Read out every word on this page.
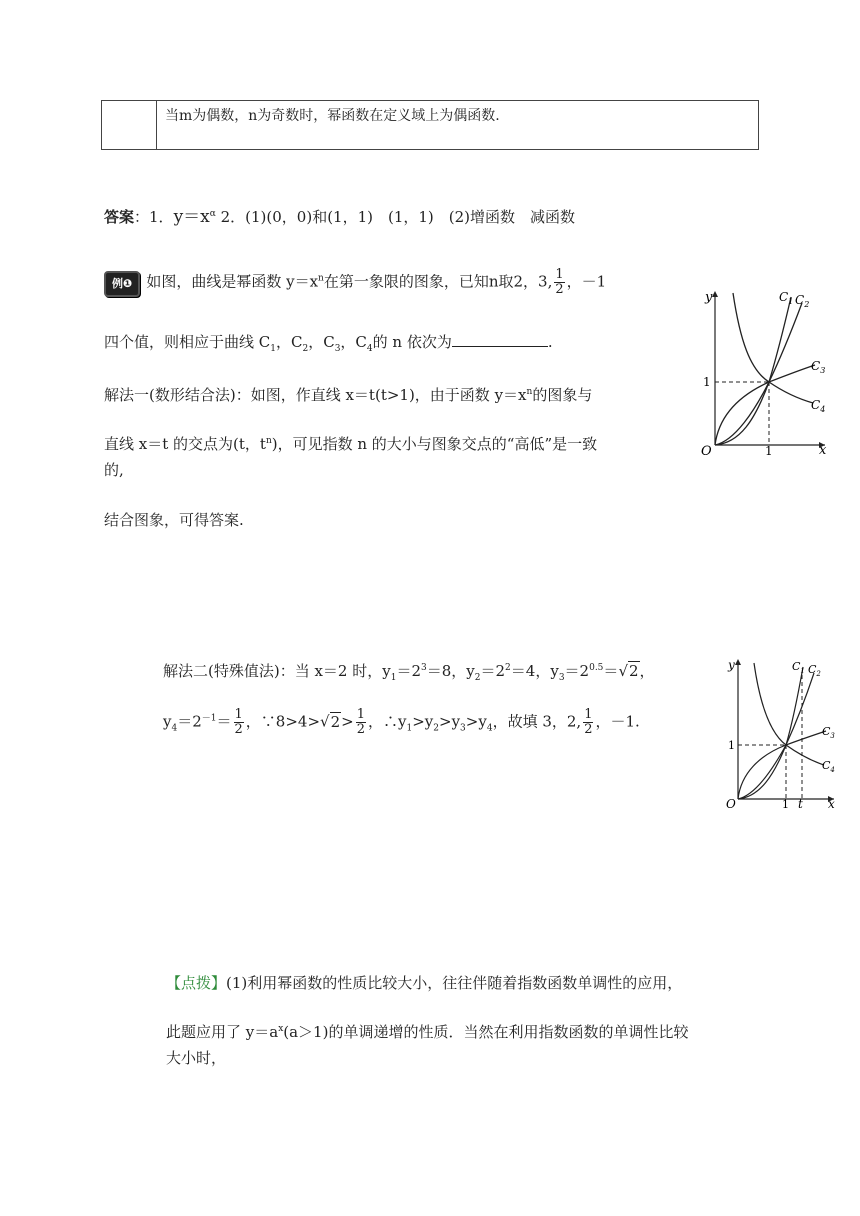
	当m为偶数，n为奇数时，幂函数在定义域上为偶函数.
答案：1．$y=x^\alpha$ 2．(1)(0，0)和(1，1)　(1，1)　(2)增函数　减函数
例❶ 如图，曲线是幂函数 $y=x^n$在第一象限的图象，已知n取2，3, $\frac{1}{2}$ ，－1
四个值，则相应于曲线 $C_1$，$C_2$，$C_3$，$C_4$的 n 依次为	.
解法一(数形结合法)：如图，作直线 x＝t(t>1)，由于函数 $y=x^n$的图象与
直线 x＝t 的交点为(t，$t^n$)，可见指数 n 的大小与图象交点的“高低”是一致
的,
结合图象，可得答案.
y
x
O	1
1
$C_1$ $C_2$
$C_3$
$C_4$
解法二(特殊值法)：当 x＝2 时，$y_1=2^3=8$，$y_2=2^2=4$，$y_3=2^{0.5}=√2$，
$y_4=2^{-1}= \frac{1}{2}$ ，∵8>4>√2> $\frac{1}{2}$ ，$\therefore y_1>y_2>y_3>y_4$，故填 3，2, $\frac{1}{2}$ ，－1.
y
x
O	1
1
t
$C_1$ $C_2$
$C_3$
$C_4$
【点拨】(1)利用幂函数的性质比较大小，往往伴随着指数函数单调性的应用，
此题应用了 $y=a^x(a>1)$的单调递增的性质．当然在利用指数函数的单调性比较
大小时，
